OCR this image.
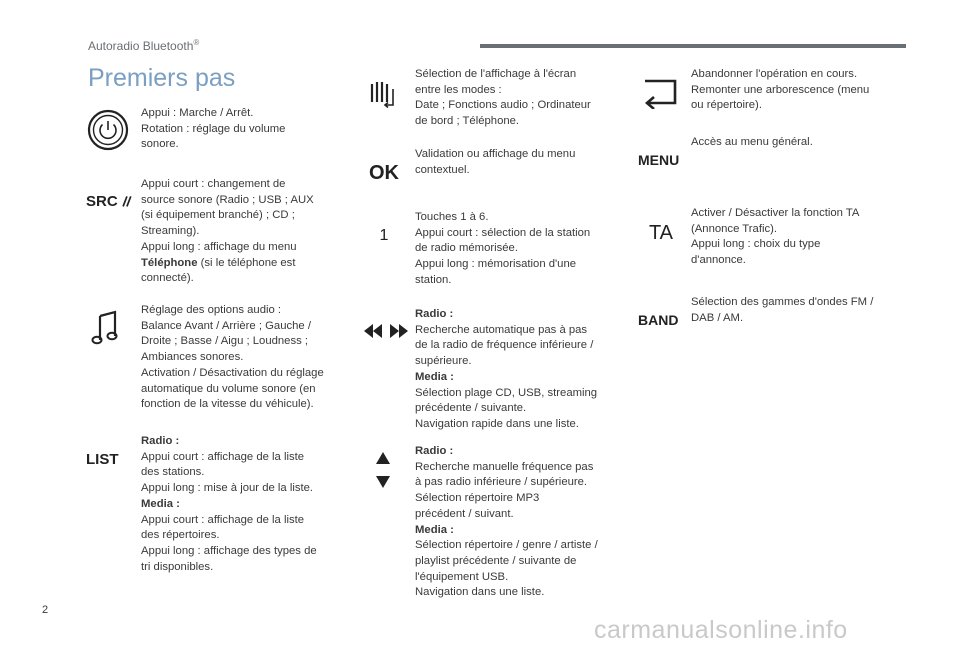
Autoradio Bluetooth®
Premiers pas
Appui : Marche / Arrêt.
Rotation : réglage du volume
sonore.
SRC
Appui court : changement de
source sonore (Radio ; USB ; AUX
(si équipement branché) ; CD ;
Streaming).
Appui long : affichage du menu
Téléphone (si le téléphone est
connecté).
Réglage des options audio :
Balance Avant / Arrière ; Gauche /
Droite ; Basse / Aigu ; Loudness ;
Ambiances sonores.
Activation / Désactivation du réglage
automatique du volume sonore (en
fonction de la vitesse du véhicule).
LIST
Radio :
Appui court : affichage de la liste
des stations.
Appui long : mise à jour de la liste.
Media :
Appui court : affichage de la liste
des répertoires.
Appui long : affichage des types de
tri disponibles.
Sélection de l'affichage à l'écran
entre les modes :
Date ; Fonctions audio ; Ordinateur
de bord ; Téléphone.
OK
Validation ou affichage du menu
contextuel.
1
Touches 1 à 6.
Appui court : sélection de la station
de radio mémorisée.
Appui long : mémorisation d'une
station.
Radio :
Recherche automatique pas à pas
de la radio de fréquence inférieure /
supérieure.
Media :
Sélection plage CD, USB, streaming
précédente / suivante.
Navigation rapide dans une liste.
Radio :
Recherche manuelle fréquence pas
à pas radio inférieure / supérieure.
Sélection répertoire MP3
précédent / suivant.
Media :
Sélection répertoire / genre / artiste /
playlist précédente / suivante de
l'équipement USB.
Navigation dans une liste.
Abandonner l'opération en cours.
Remonter une arborescence (menu
ou répertoire).
MENU
Accès au menu général.
TA
Activer / Désactiver la fonction TA
(Annonce Trafic).
Appui long : choix du type
d'annonce.
BAND
Sélection des gammes d'ondes FM /
DAB / AM.
2
carmanualsonline.info
